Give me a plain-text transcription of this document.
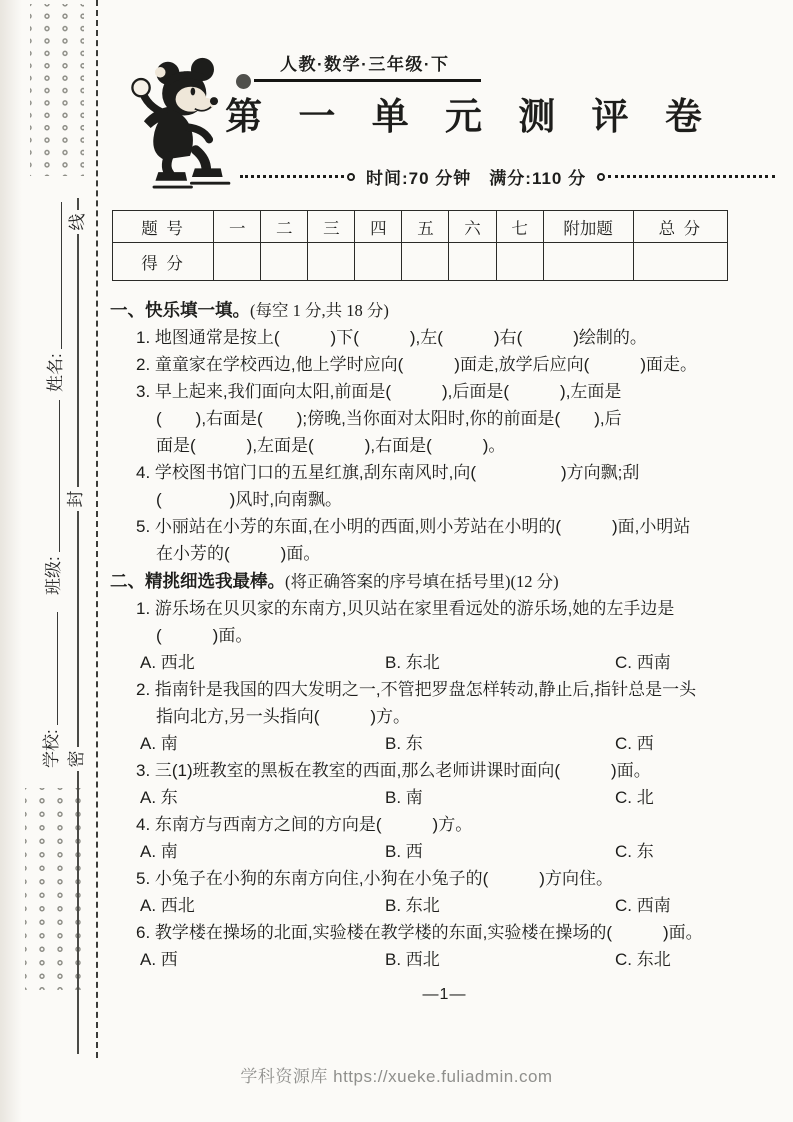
姓名:
班级:
学校:
线
封
密
人教·数学·三年级·下
第 一 单 元 测 评 卷
时间:70 分钟　满分:110 分
题 号	一	二	三	四	五	六	七	附加题	总 分
得 分									
一、快乐填一填。(每空 1 分,共 18 分)
1. 地图通常是按上(　　　)下(　　　),左(　　　)右(　　　)绘制的。
2. 童童家在学校西边,他上学时应向(　　　)面走,放学后应向(　　　)面走。
3. 早上起来,我们面向太阳,前面是(　　　),后面是(　　　),左面是
(　　),右面是(　　);傍晚,当你面对太阳时,你的前面是(　　),后
面是(　　　),左面是(　　　),右面是(　　　)。
4. 学校图书馆门口的五星红旗,刮东南风时,向(　　　　　)方向飘;刮
(　　　　)风时,向南飘。
5. 小丽站在小芳的东面,在小明的西面,则小芳站在小明的(　　　)面,小明站
在小芳的(　　　)面。
二、精挑细选我最棒。(将正确答案的序号填在括号里)(12 分)
1. 游乐场在贝贝家的东南方,贝贝站在家里看远处的游乐场,她的左手边是
(　　　)面。
A. 西北	B. 东北	C. 西南
2. 指南针是我国的四大发明之一,不管把罗盘怎样转动,静止后,指针总是一头
指向北方,另一头指向(　　　)方。
A. 南	B. 东	C. 西
3. 三(1)班教室的黑板在教室的西面,那么老师讲课时面向(　　　)面。
A. 东	B. 南	C. 北
4. 东南方与西南方之间的方向是(　　　)方。
A. 南	B. 西	C. 东
5. 小兔子在小狗的东南方向住,小狗在小兔子的(　　　)方向住。
A. 西北	B. 东北	C. 西南
6. 教学楼在操场的北面,实验楼在教学楼的东面,实验楼在操场的(　　　)面。
A. 西	B. 西北	C. 东北
—1—
学科资源库 https://xueke.fuliadmin.com
